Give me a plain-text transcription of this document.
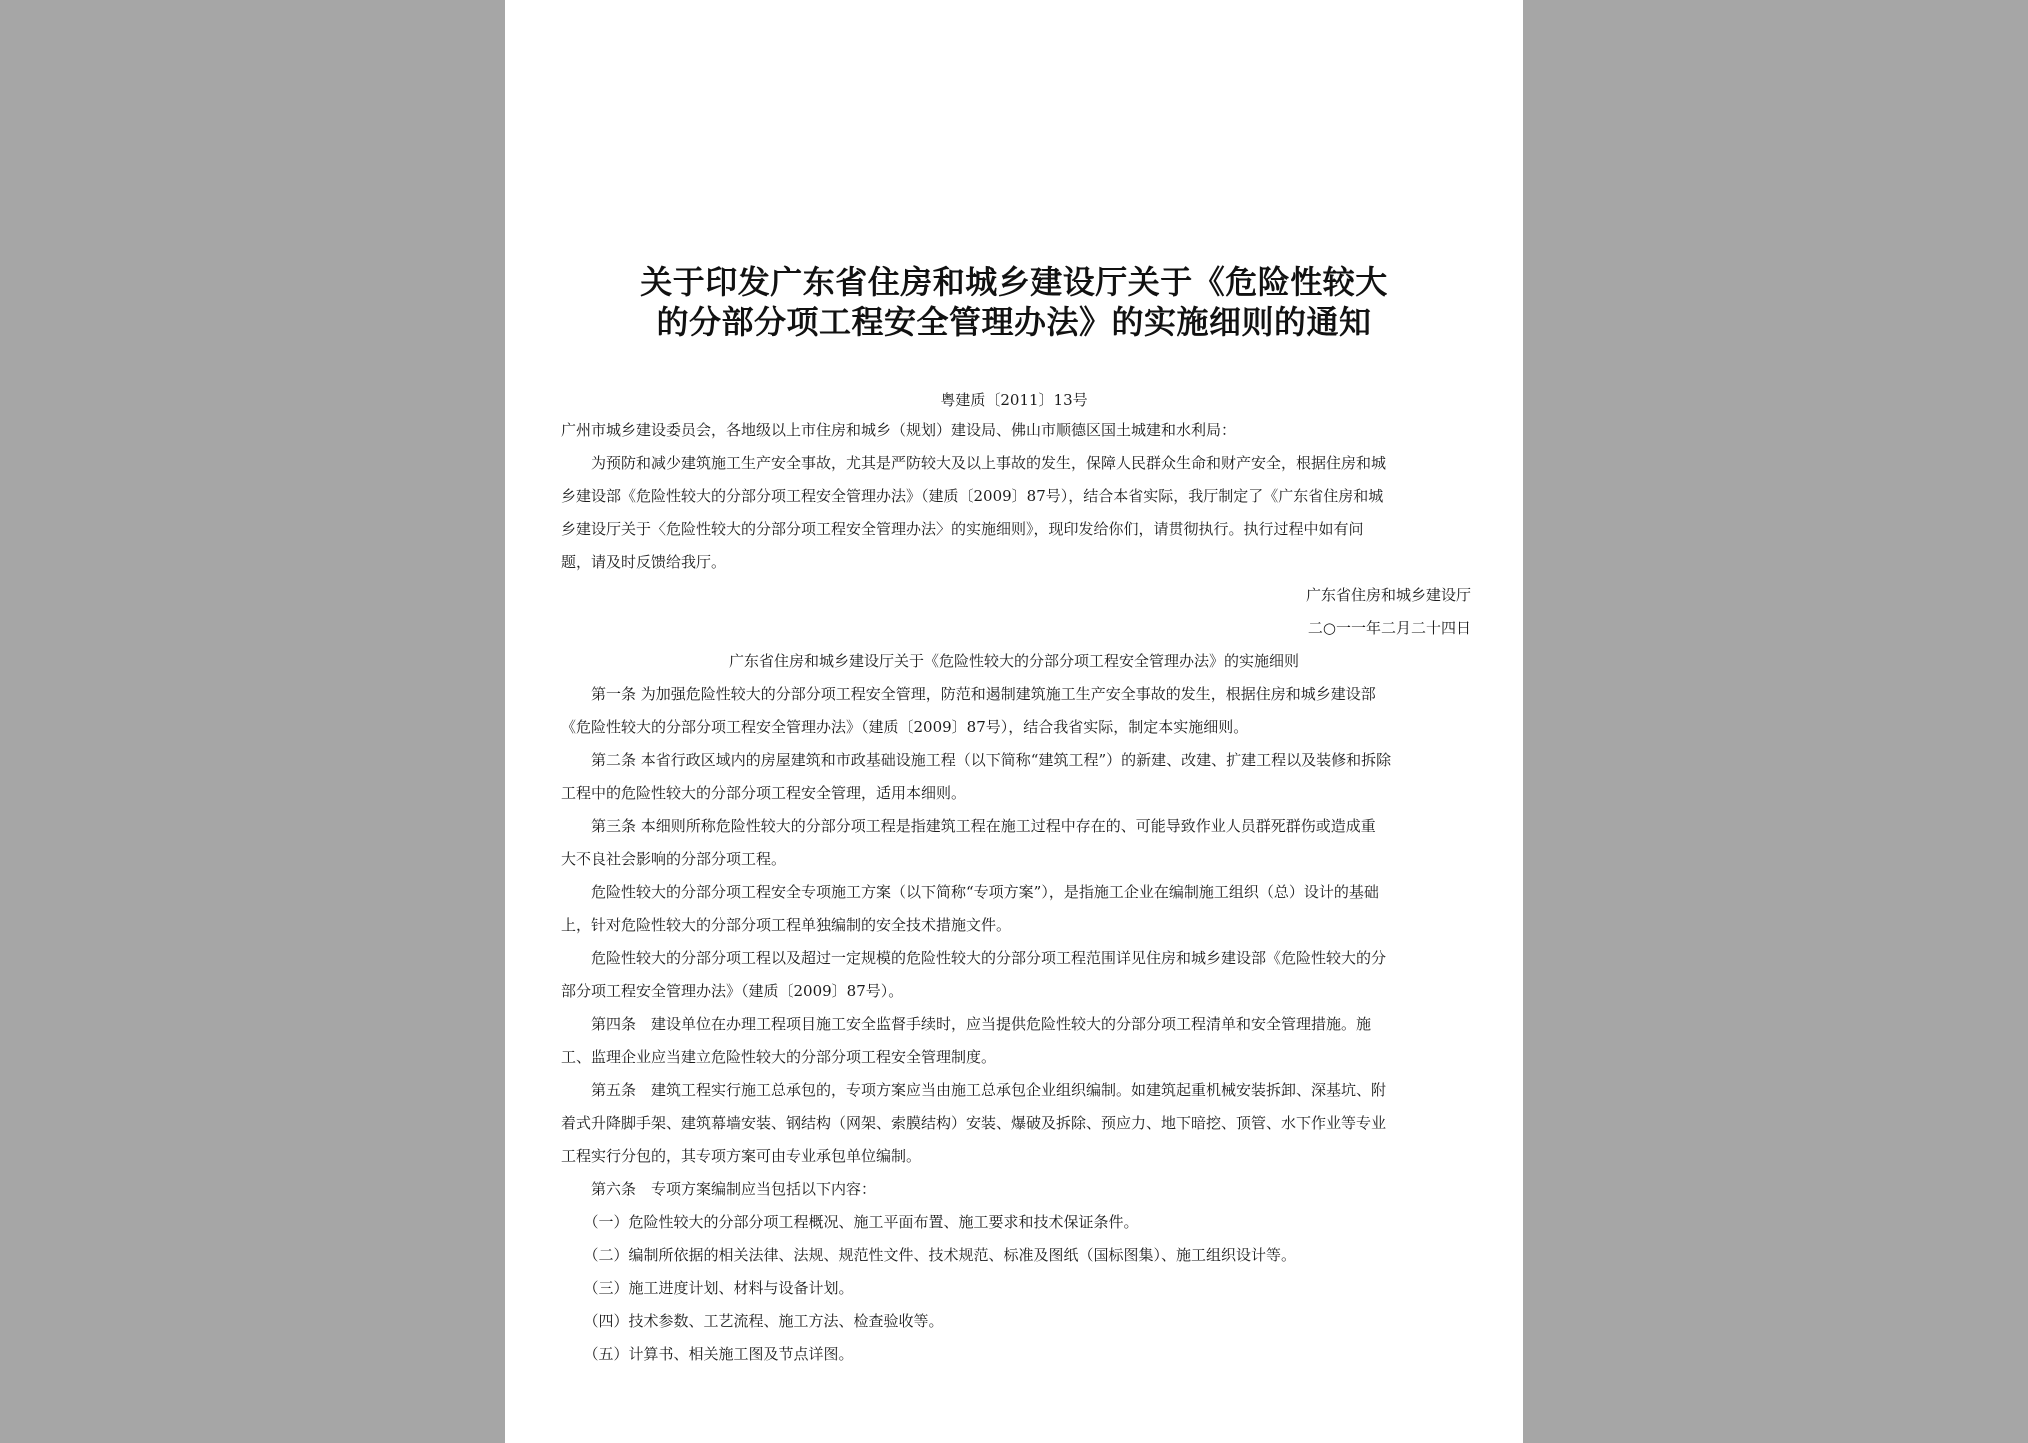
关于印发广东省住房和城乡建设厅关于《危险性较大
的分部分项工程安全管理办法》的实施细则的通知
粤建质〔2011〕13号
广州市城乡建设委员会，各地级以上市住房和城乡（规划）建设局、佛山市顺德区国土城建和水利局：
　　为预防和减少建筑施工生产安全事故，尤其是严防较大及以上事故的发生，保障人民群众生命和财产安全，根据住房和城
乡建设部《危险性较大的分部分项工程安全管理办法》（建质〔2009〕87号），结合本省实际，我厅制定了《广东省住房和城
乡建设厅关于〈危险性较大的分部分项工程安全管理办法〉的实施细则》，现印发给你们，请贯彻执行。执行过程中如有问
题，请及时反馈给我厅。
广东省住房和城乡建设厅
二○一一年二月二十四日
广东省住房和城乡建设厅关于《危险性较大的分部分项工程安全管理办法》的实施细则
　　第一条 为加强危险性较大的分部分项工程安全管理，防范和遏制建筑施工生产安全事故的发生，根据住房和城乡建设部
《危险性较大的分部分项工程安全管理办法》（建质〔2009〕87号），结合我省实际，制定本实施细则。
　　第二条 本省行政区域内的房屋建筑和市政基础设施工程（以下简称“建筑工程”）的新建、改建、扩建工程以及装修和拆除
工程中的危险性较大的分部分项工程安全管理，适用本细则。
　　第三条 本细则所称危险性较大的分部分项工程是指建筑工程在施工过程中存在的、可能导致作业人员群死群伤或造成重
大不良社会影响的分部分项工程。
　　危险性较大的分部分项工程安全专项施工方案（以下简称“专项方案”），是指施工企业在编制施工组织（总）设计的基础
上，针对危险性较大的分部分项工程单独编制的安全技术措施文件。
　　危险性较大的分部分项工程以及超过一定规模的危险性较大的分部分项工程范围详见住房和城乡建设部《危险性较大的分
部分项工程安全管理办法》（建质〔2009〕87号）。
　　第四条　建设单位在办理工程项目施工安全监督手续时，应当提供危险性较大的分部分项工程清单和安全管理措施。施
工、监理企业应当建立危险性较大的分部分项工程安全管理制度。
　　第五条　建筑工程实行施工总承包的，专项方案应当由施工总承包企业组织编制。如建筑起重机械安装拆卸、深基坑、附
着式升降脚手架、建筑幕墙安装、钢结构（网架、索膜结构）安装、爆破及拆除、预应力、地下暗挖、顶管、水下作业等专业
工程实行分包的，其专项方案可由专业承包单位编制。
　　第六条　专项方案编制应当包括以下内容：
　　（一）危险性较大的分部分项工程概况、施工平面布置、施工要求和技术保证条件。
　　（二）编制所依据的相关法律、法规、规范性文件、技术规范、标准及图纸（国标图集）、施工组织设计等。
　　（三）施工进度计划、材料与设备计划。
　　（四）技术参数、工艺流程、施工方法、检查验收等。
　　（五）计算书、相关施工图及节点详图。
